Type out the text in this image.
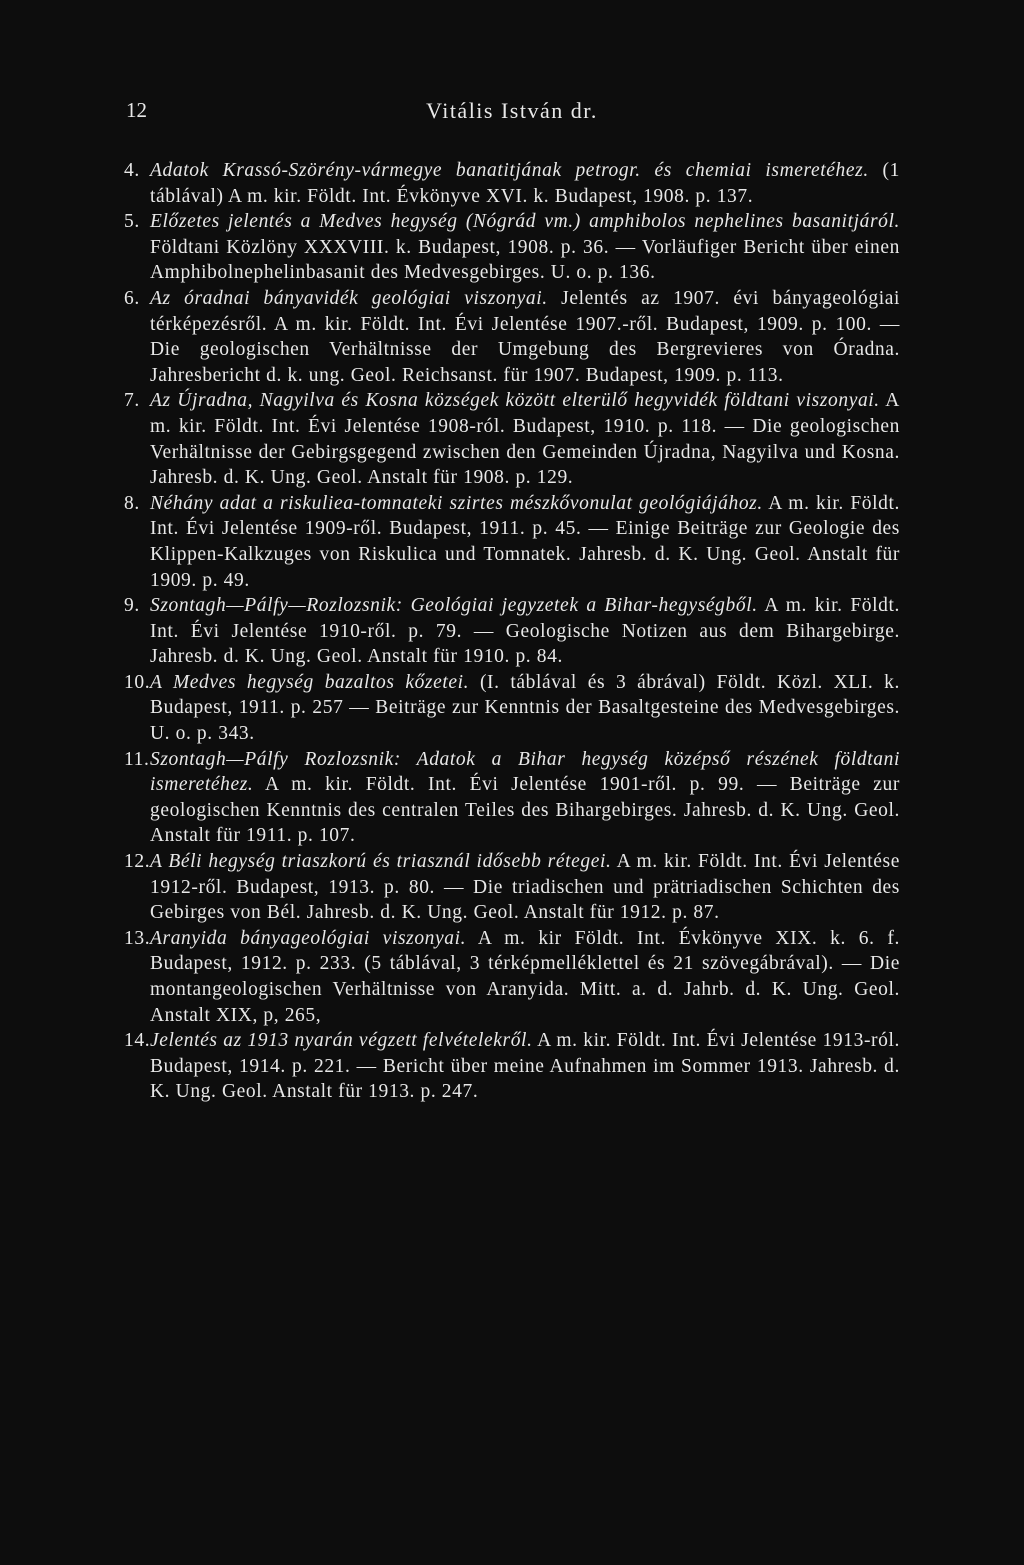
12	Vitális István dr.

4. Adatok Krassó-Szörény-vármegye banatitjának petrogr. és chemiai ismeretéhez. (1 táblával) A m. kir. Földt. Int. Évkönyve XVI. k. Budapest, 1908. p. 137.

5. Előzetes jelentés a Medves hegység (Nógrád vm.) amphibolos nephelines basanitjáról. Földtani Közlöny XXXVIII. k. Budapest, 1908. p. 36. — Vorläufiger Bericht über einen Amphibolnephelinbasanit des Medvesgebirges. U. o. p. 136.

6. Az óradnai bányavidék geológiai viszonyai. Jelentés az 1907. évi bányageológiai térképezésről. A m. kir. Földt. Int. Évi Jelentése 1907.-ről. Budapest, 1909. p. 100. — Die geologischen Verhältnisse der Umgebung des Bergrevieres von Óradna. Jahresbericht d. k. ung. Geol. Reichsanst. für 1907. Budapest, 1909. p. 113.

7. Az Újradna, Nagyilva és Kosna községek között elterülő hegyvidék földtani viszonyai. A m. kir. Földt. Int. Évi Jelentése 1908-ról. Budapest, 1910. p. 118. — Die geologischen Verhältnisse der Gebirgsgegend zwischen den Gemeinden Újradna, Nagyilva und Kosna. Jahresb. d. K. Ung. Geol. Anstalt für 1908. p. 129.

8. Néhány adat a riskuliea-tomnateki szirtes mészkővonulat geológiájához. A m. kir. Földt. Int. Évi Jelentése 1909-ről. Budapest, 1911. p. 45. — Einige Beiträge zur Geologie des Klippen-Kalkzuges von Riskulica und Tomnatek. Jahresb. d. K. Ung. Geol. Anstalt für 1909. p. 49.

9. Szontagh—Pálfy—Rozlozsnik: Geológiai jegyzetek a Bihar-hegységből. A m. kir. Földt. Int. Évi Jelentése 1910-ről. p. 79. — Geologische Notizen aus dem Bihargebirge. Jahresb. d. K. Ung. Geol. Anstalt für 1910. p. 84.

10.A Medves hegység bazaltos kőzetei. (I. táblával és 3 ábrával) Földt. Közl. XLI. k. Budapest, 1911. p. 257 — Beiträge zur Kenntnis der Basaltgesteine des Medvesgebirges. U. o. p. 343.

11.Szontagh—Pálfy Rozlozsnik: Adatok a Bihar hegység középső részének földtani ismeretéhez. A m. kir. Földt. Int. Évi Jelentése 1901-ről. p. 99. — Beiträge zur geologischen Kenntnis des centralen Teiles des Bihargebirges. Jahresb. d. K. Ung. Geol. Anstalt für 1911. p. 107.

12.A Béli hegység triaszkorú és triasznál idősebb rétegei. A m. kir. Földt. Int. Évi Jelentése 1912-ről. Budapest, 1913. p. 80. — Die triadischen und prätriadischen Schichten des Gebirges von Bél. Jahresb. d. K. Ung. Geol. Anstalt für 1912. p. 87.

13.Aranyida bányageológiai viszonyai. A m. kir Földt. Int. Évkönyve XIX. k. 6. f. Budapest, 1912. p. 233. (5 táblával, 3 térképmelléklettel és 21 szövegábrával). — Die montangeologischen Verhältnisse von Aranyida. Mitt. a. d. Jahrb. d. K. Ung. Geol. Anstalt XIX, p, 265,

14.Jelentés az 1913 nyarán végzett felvételekről. A m. kir. Földt. Int. Évi Jelentése 1913-ról. Budapest, 1914. p. 221. — Bericht über meine Aufnahmen im Sommer 1913. Jahresb. d. K. Ung. Geol. Anstalt für 1913. p. 247.
